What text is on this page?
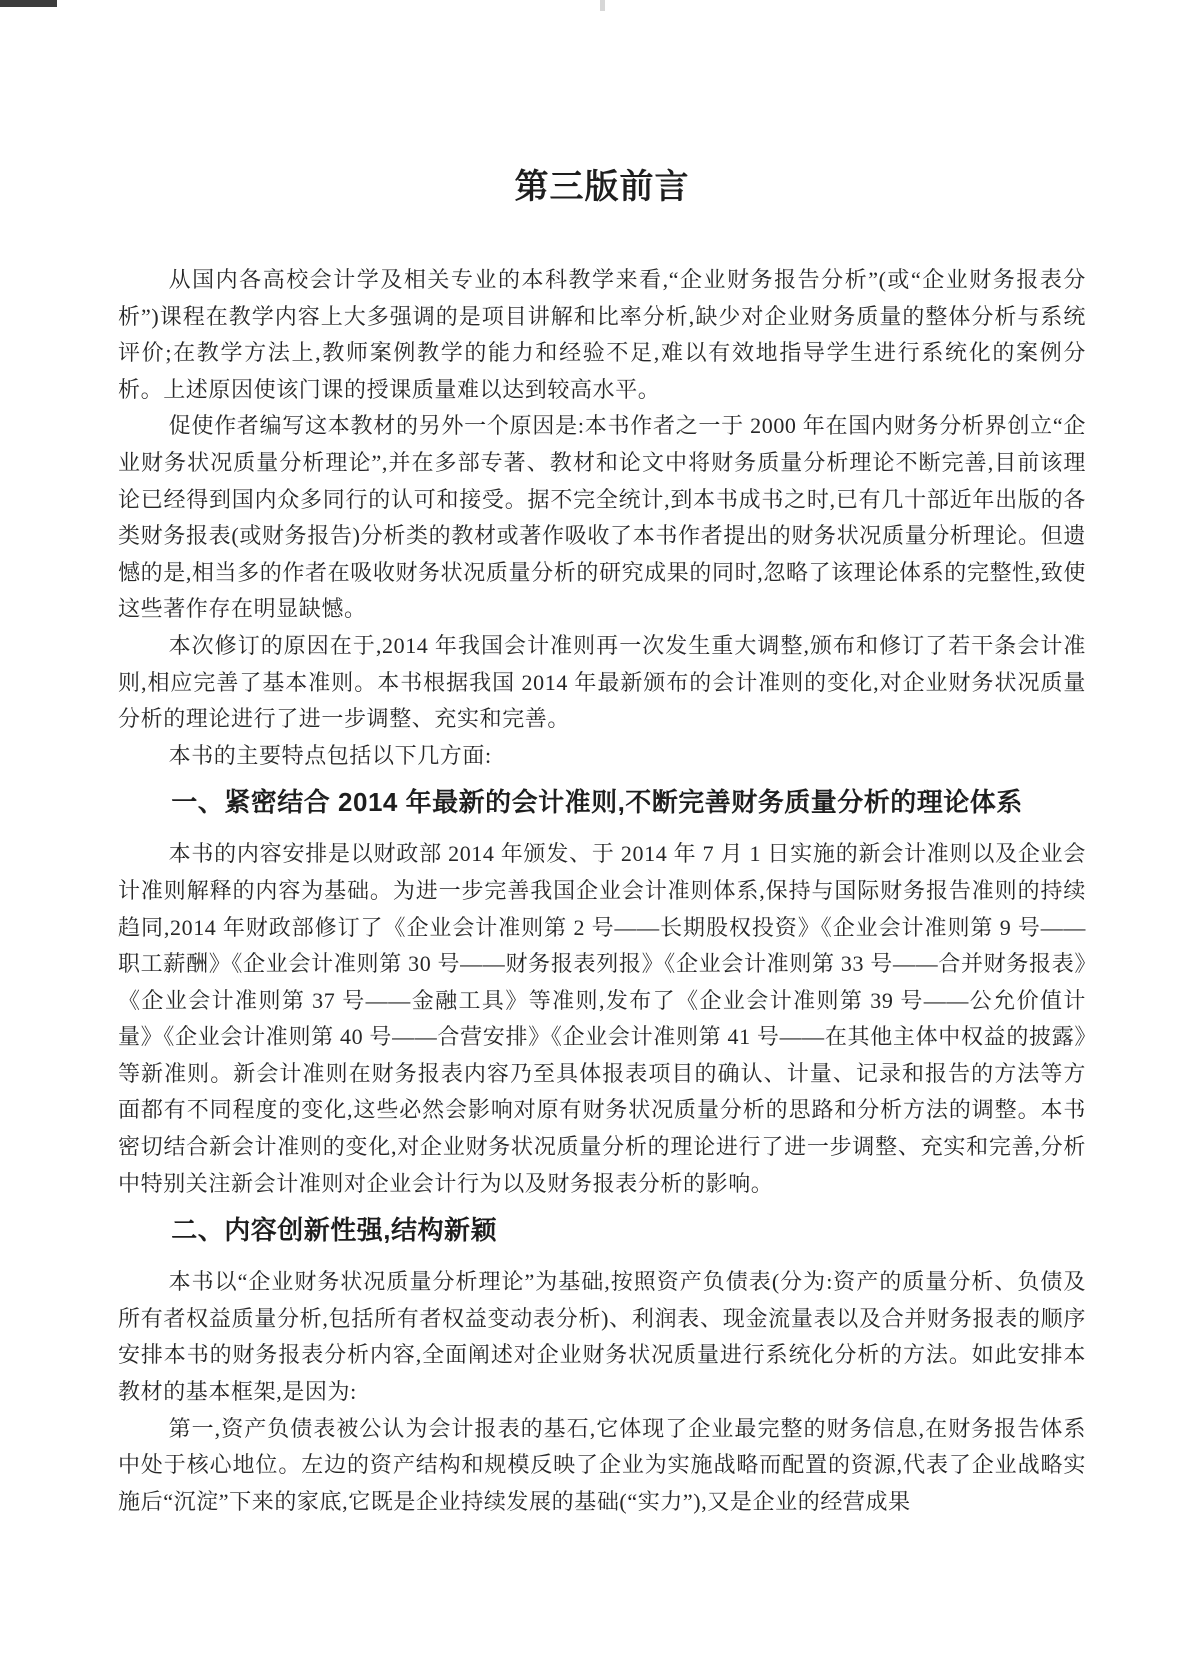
第三版前言

从国内各高校会计学及相关专业的本科教学来看,“企业财务报告分析”(或“企业财务报表分析”)课程在教学内容上大多强调的是项目讲解和比率分析,缺少对企业财务质量的整体分析与系统评价;在教学方法上,教师案例教学的能力和经验不足,难以有效地指导学生进行系统化的案例分析。上述原因使该门课的授课质量难以达到较高水平。

促使作者编写这本教材的另外一个原因是:本书作者之一于 2000 年在国内财务分析界创立“企业财务状况质量分析理论”,并在多部专著、教材和论文中将财务质量分析理论不断完善,目前该理论已经得到国内众多同行的认可和接受。据不完全统计,到本书成书之时,已有几十部近年出版的各类财务报表(或财务报告)分析类的教材或著作吸收了本书作者提出的财务状况质量分析理论。但遗憾的是,相当多的作者在吸收财务状况质量分析的研究成果的同时,忽略了该理论体系的完整性,致使这些著作存在明显缺憾。

本次修订的原因在于,2014 年我国会计准则再一次发生重大调整,颁布和修订了若干条会计准则,相应完善了基本准则。本书根据我国 2014 年最新颁布的会计准则的变化,对企业财务状况质量分析的理论进行了进一步调整、充实和完善。

本书的主要特点包括以下几方面:

一、紧密结合 2014 年最新的会计准则,不断完善财务质量分析的理论体系

本书的内容安排是以财政部 2014 年颁发、于 2014 年 7 月 1 日实施的新会计准则以及企业会计准则解释的内容为基础。为进一步完善我国企业会计准则体系,保持与国际财务报告准则的持续趋同,2014 年财政部修订了《企业会计准则第 2 号——长期股权投资》《企业会计准则第 9 号——职工薪酬》《企业会计准则第 30 号——财务报表列报》《企业会计准则第 33 号——合并财务报表》《企业会计准则第 37 号——金融工具》等准则,发布了《企业会计准则第 39 号——公允价值计量》《企业会计准则第 40 号——合营安排》《企业会计准则第 41 号——在其他主体中权益的披露》等新准则。新会计准则在财务报表内容乃至具体报表项目的确认、计量、记录和报告的方法等方面都有不同程度的变化,这些必然会影响对原有财务状况质量分析的思路和分析方法的调整。本书密切结合新会计准则的变化,对企业财务状况质量分析的理论进行了进一步调整、充实和完善,分析中特别关注新会计准则对企业会计行为以及财务报表分析的影响。

二、内容创新性强,结构新颖

本书以“企业财务状况质量分析理论”为基础,按照资产负债表(分为:资产的质量分析、负债及所有者权益质量分析,包括所有者权益变动表分析)、利润表、现金流量表以及合并财务报表的顺序安排本书的财务报表分析内容,全面阐述对企业财务状况质量进行系统化分析的方法。如此安排本教材的基本框架,是因为:

第一,资产负债表被公认为会计报表的基石,它体现了企业最完整的财务信息,在财务报告体系中处于核心地位。左边的资产结构和规模反映了企业为实施战略而配置的资源,代表了企业战略实施后“沉淀”下来的家底,它既是企业持续发展的基础(“实力”),又是企业的经营成果
